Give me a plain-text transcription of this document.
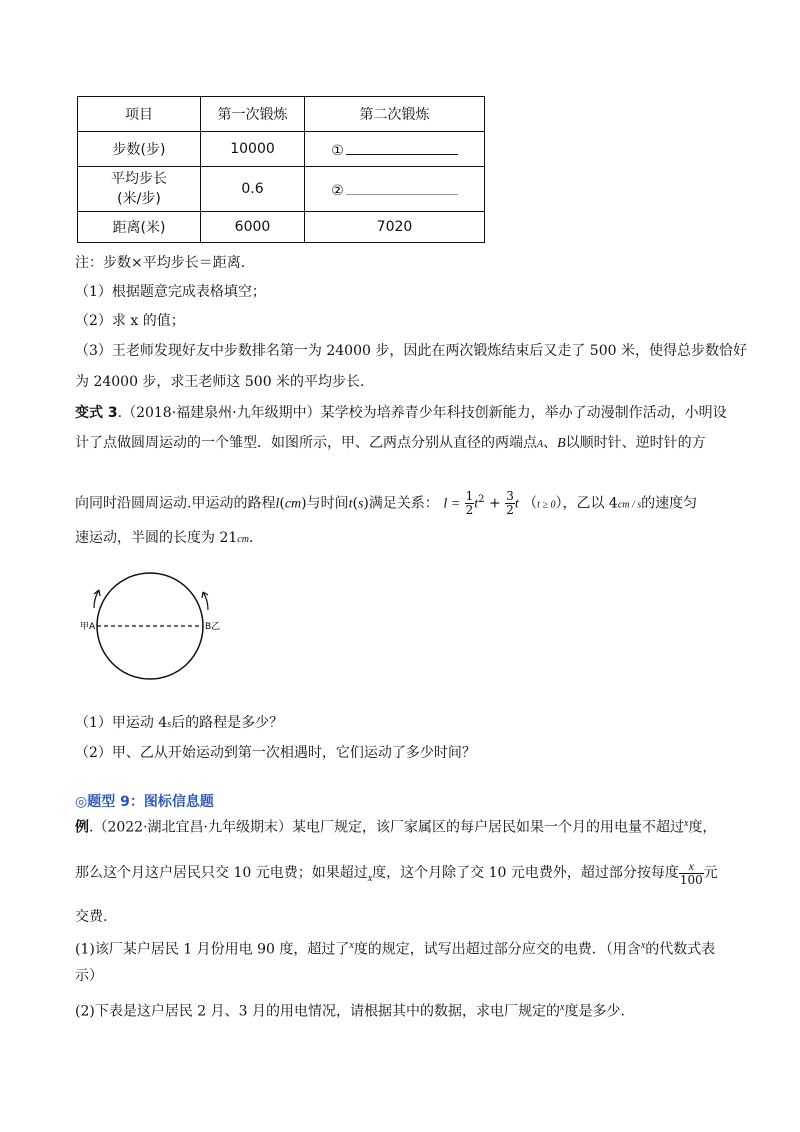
项目	第一次锻炼	第二次锻炼
步数(步)	10000	①
平均步长
(米/步)	0.6	②
距离(米)	6000	7020
注：步数×平均步长＝距离.
（1）根据题意完成表格填空；
（2）求 x 的值；
（3）王老师发现好友中步数排名第一为 24000 步，因此在两次锻炼结束后又走了 500 米，使得总步数恰好
为 24000 步，求王老师这 500 米的平均步长.
变式 3.（2018·福建泉州·九年级期中）某学校为培养青少年科技创新能力，举办了动漫制作活动，小明设
计了点做圆周运动的一个雏型．如图所示，甲、乙两点分别从直径的两端点A、B以顺时针、逆时针的方
向同时沿圆周运动.甲运动的路程l(cm)与时间t(s)满足关系： $l = \frac{1}{2} t^2 + \frac{3}{2}$ t （t ≥ 0），乙以 4cm / s的速度匀
速运动，半圆的长度为 21cm．
甲A	B乙
（1）甲运动 4s后的路程是多少？
（2）甲、乙从开始运动到第一次相遇时，它们运动了多少时间？
◎题型 9：图标信息题
例.（2022·湖北宜昌·九年级期末）某电厂规定，该厂家属区的每户居民如果一个月的用电量不超过$^x$度，
那么这个月这户居民只交 10 元电费；如果超过$_x$度，这个月除了交 10 元电费外，超过部分按每度 $\frac{x}{100}$ 元
交费.
(1)该厂某户居民 1 月份用电 90 度，超过了$^x$度的规定，试写出超过部分应交的电费．（用含$^x$的代数式表
示）
(2)下表是这户居民 2 月、3 月的用电情况，请根据其中的数据，求电厂规定的$^x$度是多少.
